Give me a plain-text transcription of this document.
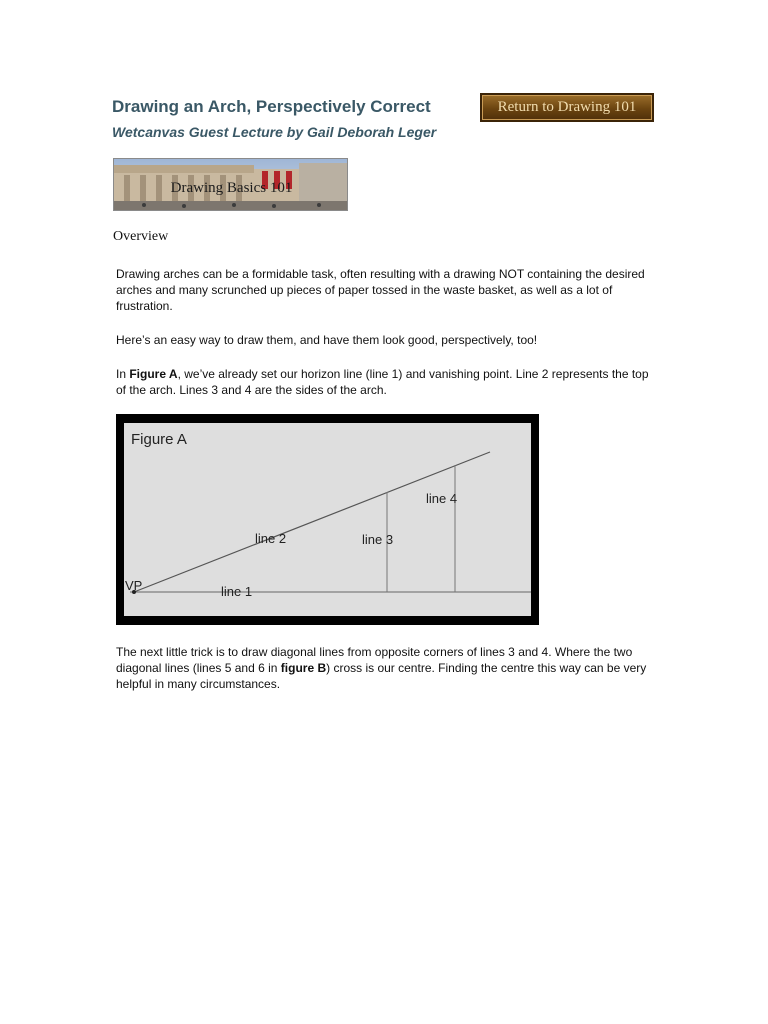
Drawing an Arch, Perspectively Correct
Wetcanvas Guest Lecture by Gail Deborah Leger
Return to Drawing 101
Drawing Basics 101
Overview

Drawing arches can be a formidable task, often resulting with a drawing NOT containing the desired arches and many scrunched up pieces of paper tossed in the waste basket, as well as a lot of frustration.

Here’s an easy way to draw them, and have them look good, perspectively, too!

In Figure A, we’ve already set our horizon line (line 1) and vanishing point. Line 2 represents the top of the arch. Lines 3 and 4 are the sides of the arch.

Figure A
VP	line 1
line 2	line 3
line 4

The next little trick is to draw diagonal lines from opposite corners of lines 3 and 4. Where the two diagonal lines (lines 5 and 6 in figure B) cross is our centre. Finding the centre this way can be very helpful in many circumstances.
